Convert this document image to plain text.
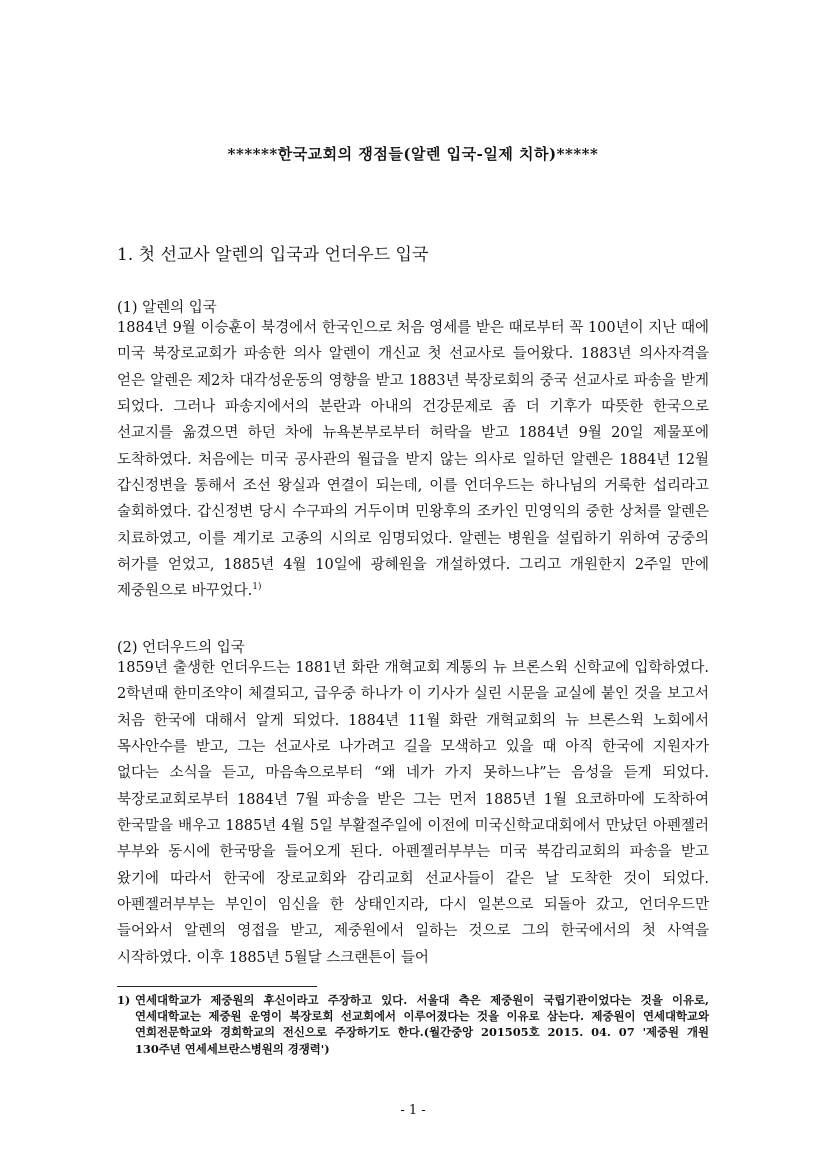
******한국교회의 쟁점들(알렌 입국-일제 치하)*****
1. 첫 선교사 알렌의 입국과 언더우드 입국
(1) 알렌의 입국

1884년 9월 이승훈이 북경에서 한국인으로 처음 영세를 받은 때로부터 꼭 100년이 지난 때에 미국 북장로교회가 파송한 의사 알렌이 개신교 첫 선교사로 들어왔다. 1883년 의사자격을 얻은 알렌은 제2차 대각성운동의 영향을 받고 1883년 북장로회의 중국 선교사로 파송을 받게 되었다. 그러나 파송지에서의 분란과 아내의 건강문제로 좀 더 기후가 따뜻한 한국으로 선교지를 옮겼으면 하던 차에 뉴욕본부로부터 허락을 받고 1884년 9월 20일 제물포에 도착하였다. 처음에는 미국 공사관의 월급을 받지 않는 의사로 일하던 알렌은 1884년 12월 갑신정변을 통해서 조선 왕실과 연결이 되는데, 이를 언더우드는 하나님의 거룩한 섭리라고 술회하였다. 갑신정변 당시 수구파의 거두이며 민왕후의 조카인 민영익의 중한 상처를 알렌은 치료하였고, 이를 계기로 고종의 시의로 임명되었다. 알렌는 병원을 설립하기 위하여 궁중의 허가를 얻었고, 1885년 4월 10일에 광혜원을 개설하였다. 그리고 개원한지 2주일 만에 제중원으로 바꾸었다.$^{1)}$

(2) 언더우드의 입국

1859년 출생한 언더우드는 1881년 화란 개혁교회 계통의 뉴 브론스윅 신학교에 입학하였다. 2학년때 한미조약이 체결되고, 급우중 하나가 이 기사가 실린 시문을 교실에 붙인 것을 보고서 처음 한국에 대해서 알게 되었다. 1884년 11월 화란 개혁교회의 뉴 브론스윅 노회에서 목사안수를 받고, 그는 선교사로 나가려고 길을 모색하고 있을 때 아직 한국에 지원자가 없다는 소식을 듣고, 마음속으로부터 “왜 네가 가지 못하느냐”는 음성을 듣게 되었다. 북장로교회로부터 1884년 7월 파송을 받은 그는 먼저 1885년 1월 요코하마에 도착하여 한국말을 배우고 1885년 4월 5일 부활절주일에 이전에 미국신학교대회에서 만났던 아펜젤러 부부와 동시에 한국땅을 들어오게 된다. 아펜젤러부부는 미국 북감리교회의 파송을 받고 왔기에 따라서 한국에 장로교회와 감리교회 선교사들이 같은 날 도착한 것이 되었다. 아펜젤러부부는 부인이 임신을 한 상태인지라, 다시 일본으로 되돌아 갔고, 언더우드만 들어와서 알렌의 영접을 받고, 제중원에서 일하는 것으로 그의 한국에서의 첫 사역을 시작하였다. 이후 1885년 5월달 스크랜튼이 들어

1) 연세대학교가 제중원의 후신이라고 주장하고 있다. 서울대 측은 제중원이 국립기관이었다는 것을 이유로, 연세대학교는 제중원 운영이 북장로회 선교회에서 이루어졌다는 것을 이유로 삼는다. 제중원이 연세대학교와 연희전문학교와 경희학교의 전신으로 주장하기도 한다.(월간중앙 201505호 2015. 04. 07 '제중원 개원 130주년 연세세브란스병원의 경쟁력')
- 1 -
